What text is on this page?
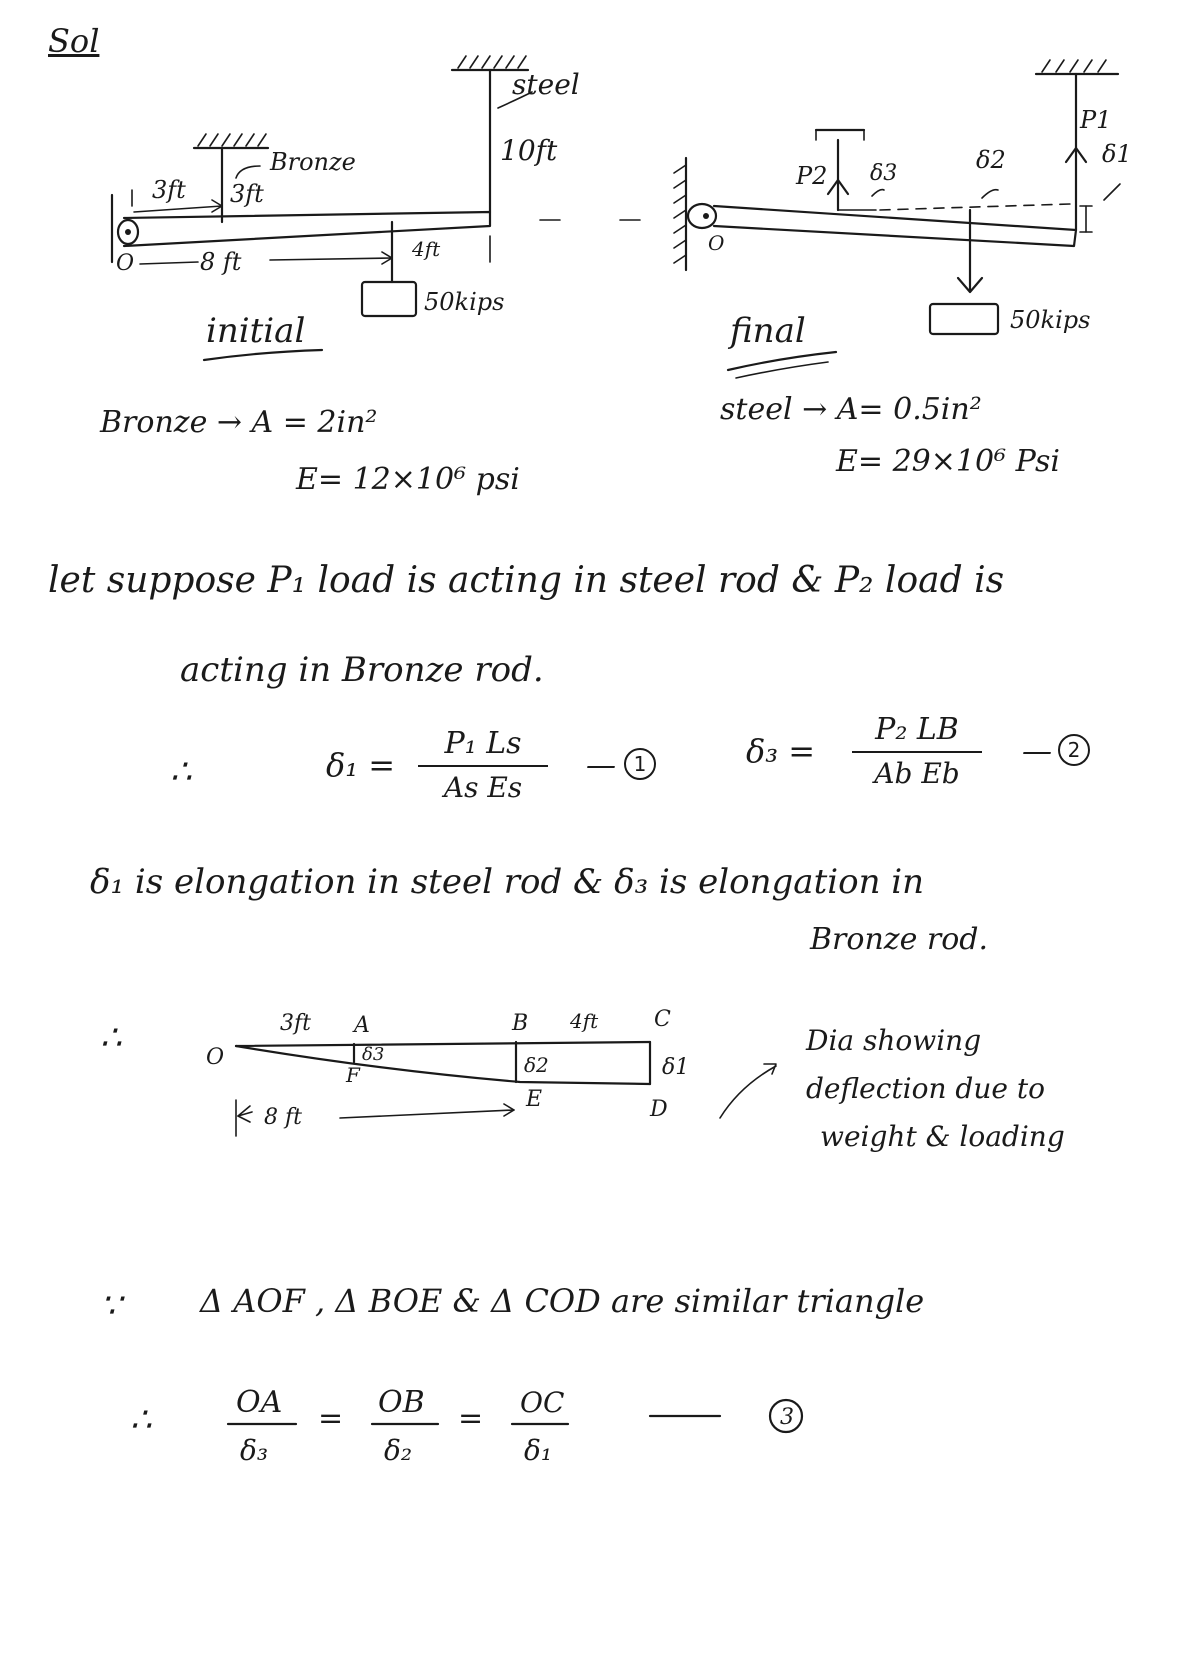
Sol
steel
10ft
Bronze
3ft 3ft
8 ft	4ft
O
50kips
initial
P1
P2
δ1
δ2
δ3
O
50kips
final
Bronze → A = 2in²
E= 12×10⁶ psi
steel → A= 0.5in²
E= 29×10⁶ Psi
let suppose P₁ load is acting in steel rod & P₂ load is
acting in Bronze rod.
∴	$\delta_1 = \frac{\text{P₁ Ls}}{\text{As Es}}$ — 1	$\delta_3 = \frac{\text{P₂ LB}}{\text{Ab Eb}}$ — 2
δ₁ is elongation in steel rod & δ₃ is elongation in
Bronze rod.
O
A	B	C
D
E
F
3ft	4ft
8 ft
δ1
δ2
δ3	Dia showing
deflection due to
weight & loading
3
OA
δ₃
= OB
δ₂
= OC
δ₁
∴
∵ Δ AOF , Δ BOE & Δ COD are similar triangle
∴
